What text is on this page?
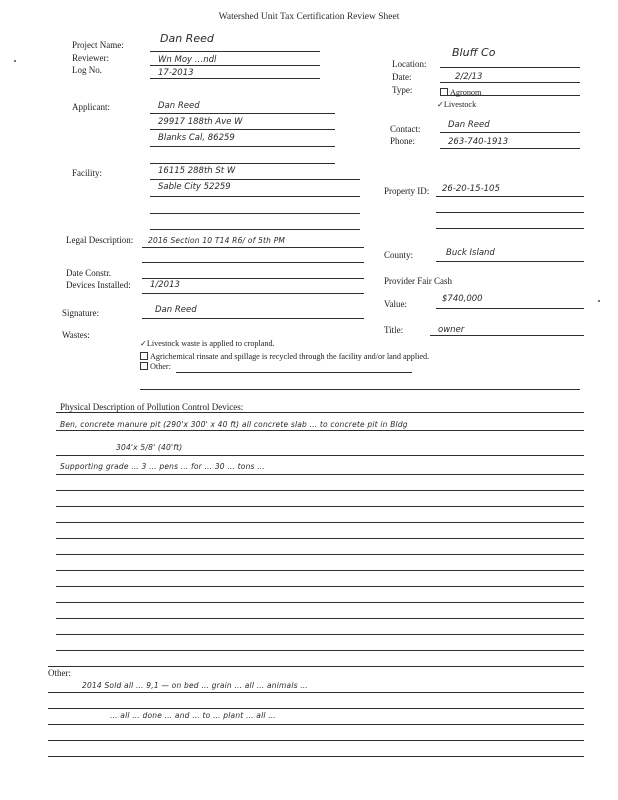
Watershed Unit Tax Certification Review Sheet
Project Name:	Dan Reed
Reviewer:	Wn Moy …ndl
Log No.	17-2013
Location:
Bluff Co
Date:	2/2/13
Type:	Agronom
✓Livestock
Applicant:	Dan Reed
29917 188th Ave W
Blanks Cal, 86259
Contact:	Dan Reed
Phone:	263-740-1913
Facility:	16115 288th St W
Sable City 52259	Property ID: 26-20-15-105
Legal Description: 2016 Section 10 T14 R6/ of 5th PM
County:	Buck Island
Date Constr.
Devices Installed: 1/2013	Provider Fair Cash
Value:	$740,000
Signature:	Dan Reed
Title:	owner
Wastes:
✓Livestock waste is applied to cropland.
Agrichemical rinsate and spillage is recycled through the facility and/or land applied.
Other:
Physical Description of Pollution Control Devices:
Ben, concrete manure pit (290'x 300' x 40 ft) all concrete slab … to concrete pit in Bldg
304'x 5/8' (40'ft)
Supporting grade … 3 … pens … for … 30 … tons …
Other:
2014 Sold all … 9,1 — on bed … grain … all … animals …
… all … done … and … to … plant … all …
